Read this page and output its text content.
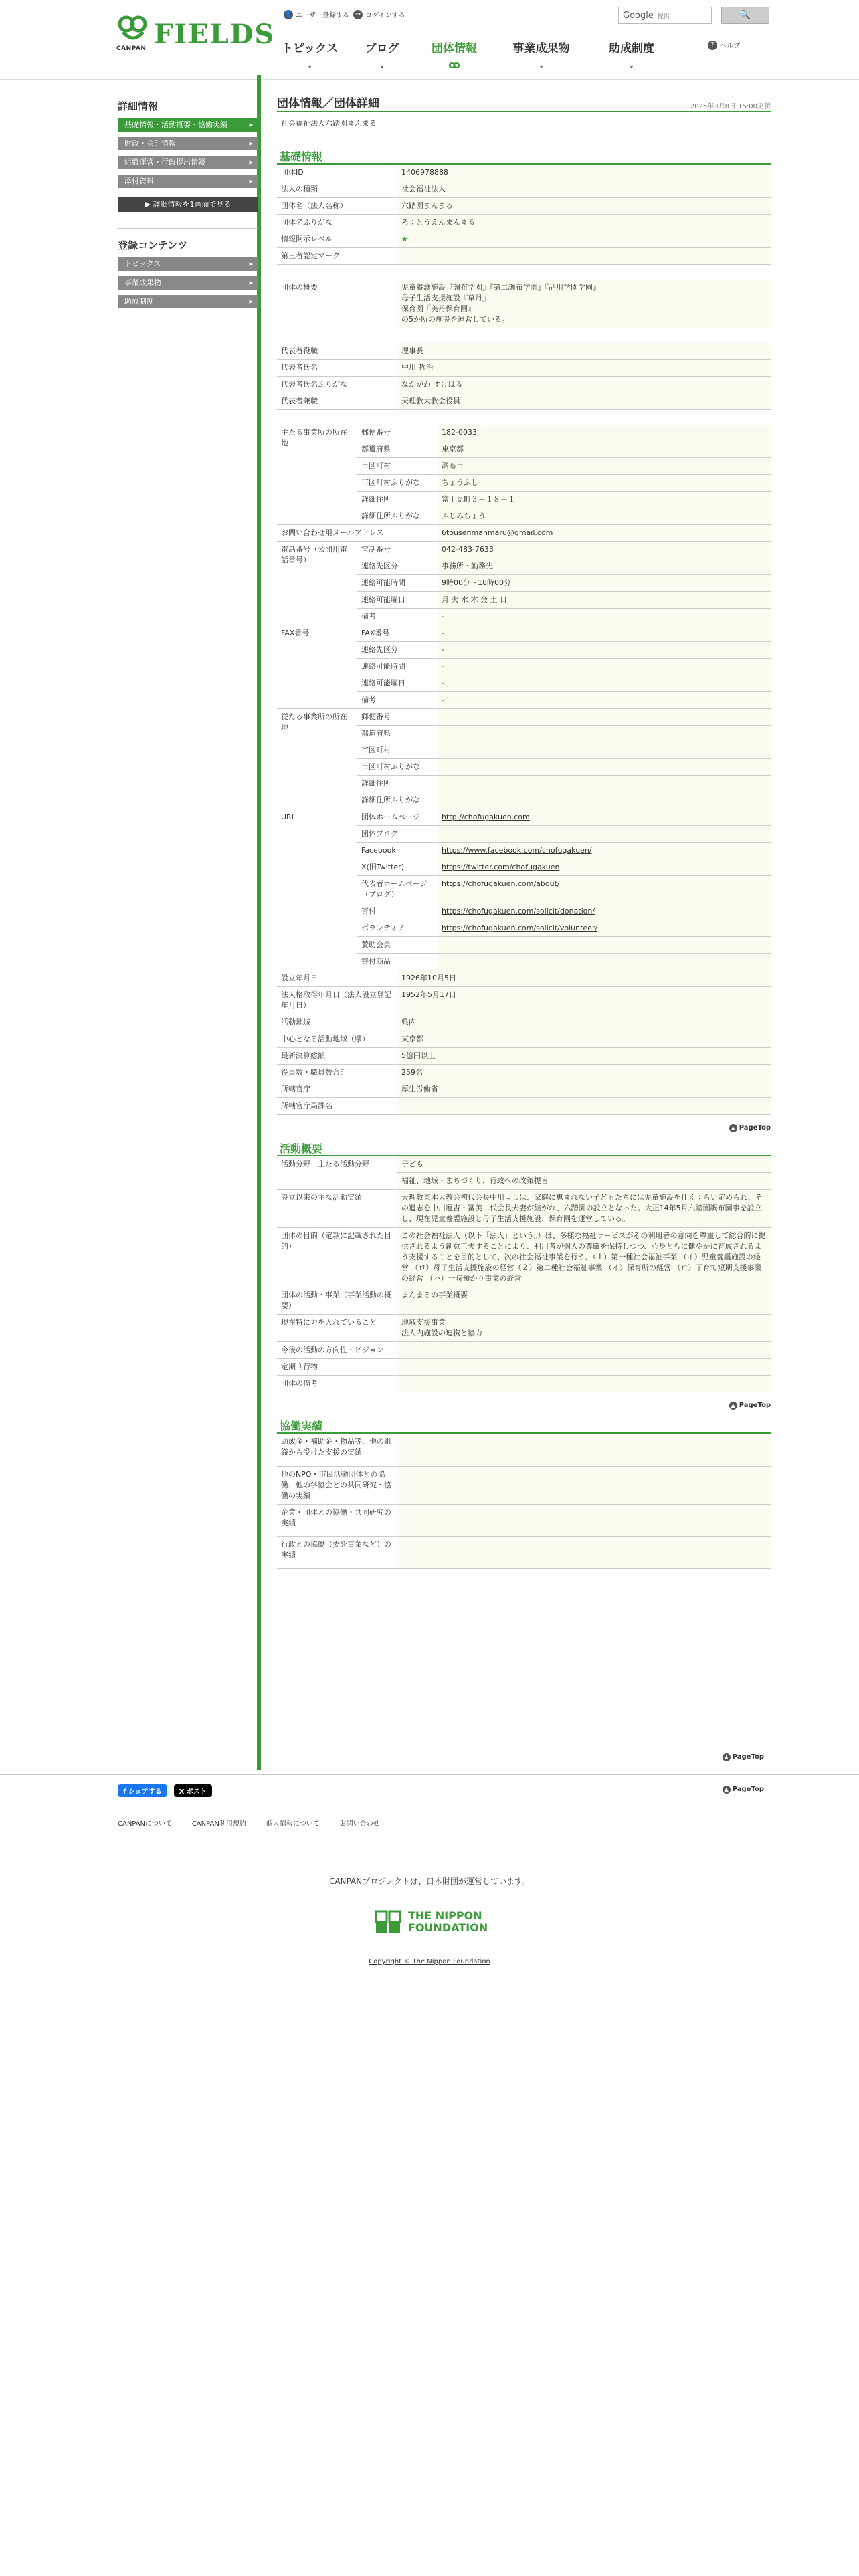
CANPAN FIELDS
👤 ユーザー登録する → ログインする	Google 提供	🔍
トピックス
▾
ブログ
▾
団体情報
ꝏ
事業成果物
▾
助成制度
▾
? ヘルプ
詳細情報
基礎情報・活動概要・協働実績 ▸
財政・会計情報 ▸
組織運営・行政提出情報 ▸
添付資料 ▸
▶ 詳細情報を1画面で見る
登録コンテンツ
トピックス ▸
事業成果物 ▸
助成制度 ▸
団体情報／団体詳細	2025年3月8日 15:00更新
社会福祉法人六踏園まんまる
基礎情報
団体ID	1406978888
法人の種類	社会福祉法人
団体名（法人名称）	六踏園まんまる
団体名ふりがな	ろくとうえんまんまる
情報開示レベル	★
第三者認定マーク	
団体の概要	児童養護施設『調布学園』『第二調布学園』『品川学園学園』
母子生活支援施設『草丹』
保育園『美丹保育園』
の5か所の施設を運営している。
代表者役職	理事長
代表者氏名	中川 哲治
代表者氏名ふりがな	なかがわ すけはる
代表者兼職	天理教大教会役員
主たる事業所の所在地	郵便番号	182-0033
	都道府県	東京都
	市区町村	調布市
	市区町村ふりがな	ちょうふし
	詳細住所	富士見町３－１８－１
	詳細住所ふりがな	ふじみちょう
お問い合わせ用メールアドレス		6tousenmanmaru@gmail.com
電話番号（公開用電話番号）	電話番号	042-483-7633
	連絡先区分	事務所・勤務先
	連絡可能時間	9時00分～18時00分
	連絡可能曜日	月 火 水 木 金 土 日
	備考	-
FAX番号	FAX番号	-
	連絡先区分	-
	連絡可能時間	-
	連絡可能曜日	-
	備考	-
従たる事業所の所在地	郵便番号	
	都道府県	
	市区町村	
	市区町村ふりがな	
	詳細住所	
	詳細住所ふりがな	
URL	団体ホームページ	http://chofugakuen.com
	団体ブログ	
	Facebook	https://www.facebook.com/chofugakuen/
	X(旧Twitter)	https://twitter.com/chofugakuen
	代表者ホームページ（ブログ）	https://chofugakuen.com/about/
	寄付	https://chofugakuen.com/solicit/donation/
	ボランティア	https://chofugakuen.com/solicit/volunteer/
	賛助会員	
	寄付商品	
設立年月日	1926年10月5日
法人格取得年月日（法人設立登記年月日）	1952年5月17日
活動地域	県内
中心となる活動地域（県）	東京都
最新決算総額	5億円以上
役員数・職員数合計	259名
所轄官庁	厚生労働省
所轄官庁局課名	
▲ PageTop
活動概要
活動分野　 主たる活動分野	子ども
	福祉、地域・まちづくり、行政への改策提言
設立以来の主な活動実績	天理教東本大教会初代会長中川よしは、家庭に恵まれない子どもたちには児童施設を仕えくらい定められ、その遺志を中川運吉・冨美二代会長夫妻が継がれ、六踏園の設立となった。大正14年5月六踏園調布園事を設立し、現在児童養護施設と母子生活支援施設、保育園を運営している。
団体の目的（定款に記載された目的）	この社会福祉法人（以下「法人」という。）は、多様な福祉サービスがその利用者の意向を尊重して総合的に提供されるよう創意工夫することにより、利用者が個人の尊厳を保持しつつ、心身ともに健やかに育成されるよう支援することを目的として、次の社会福祉事業を行う。（１）第一種社会福祉事業 （イ）児童養護施設の経営 （ロ）母子生活支援施設の経営（２）第二種社会福祉事業 （イ）保育所の経営 （ロ）子育て短期支援事業の経営 （ハ）一時預かり事業の経営
団体の活動・事業（事業活動の概要）	まんまるの事業概要
現在特に力を入れていること	地域支援事業
法人内施設の連携と協力
今後の活動の方向性・ビジョン	
定期刊行物	
団体の備考	
▲ PageTop
協働実績
助成金・補助金・物品等、他の組織から受けた支援の実績	
他のNPO・市民活動団体との協働、他の学協会との共同研究・協働の実績	
企業・団体との協働・共同研究の実績	
行政との協働（委託事業など）の実績	
▲ PageTop
f シェアする	X ポスト	▲ PageTop
CANPANについて	CANPAN利用規約	個人情報について	お問い合わせ
CANPANプロジェクトは、日本財団が運営しています。
THE NIPPON
FOUNDATION
Copyright © The Nippon Foundation
